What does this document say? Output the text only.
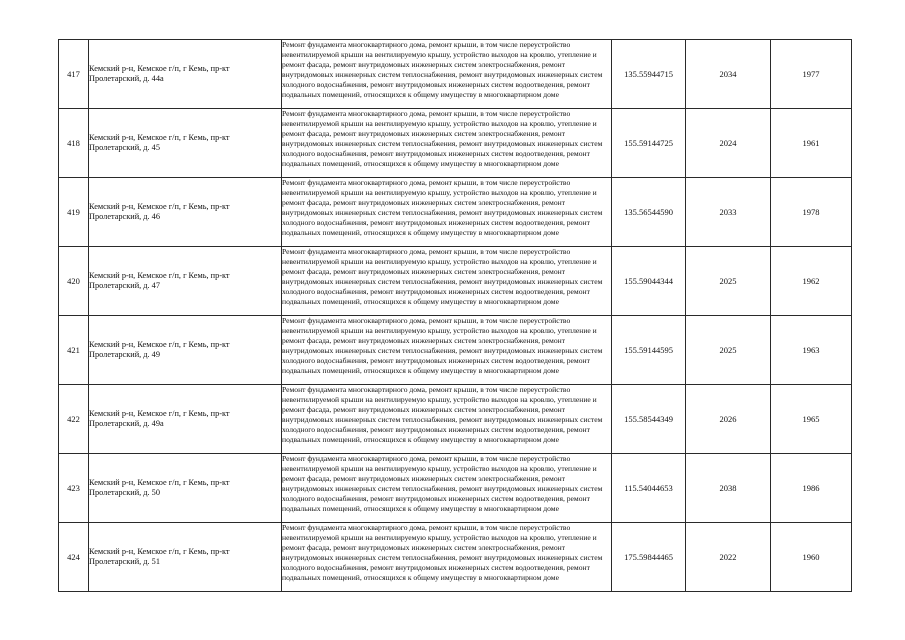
417	Кемский р-н, Кемское г/п, г Кемь, пр-кт Пролетарский, д. 44а	Ремонт фундамента многоквартирного дома, ремонт крыши, в том числе переустройство невентилируемой крыши на вентилируемую крышу, устройство выходов на кровлю, утепление и ремонт фасада, ремонт внутридомовых инженерных систем электроснабжения, ремонт внутридомовых инженерных систем теплоснабжения, ремонт внутридомовых инженерных систем холодного водоснабжения, ремонт внутридомовых инженерных систем водоотведения, ремонт подвальных помещений, относящихся к общему имуществу в многоквартирном доме	135.55944715	2034	1977
418	Кемский р-н, Кемское г/п, г Кемь, пр-кт Пролетарский, д. 45	Ремонт фундамента многоквартирного дома, ремонт крыши, в том числе переустройство невентилируемой крыши на вентилируемую крышу, устройство выходов на кровлю, утепление и ремонт фасада, ремонт внутридомовых инженерных систем электроснабжения, ремонт внутридомовых инженерных систем теплоснабжения, ремонт внутридомовых инженерных систем холодного водоснабжения, ремонт внутридомовых инженерных систем водоотведения, ремонт подвальных помещений, относящихся к общему имуществу в многоквартирном доме	155.59144725	2024	1961
419	Кемский р-н, Кемское г/п, г Кемь, пр-кт Пролетарский, д. 46	Ремонт фундамента многоквартирного дома, ремонт крыши, в том числе переустройство невентилируемой крыши на вентилируемую крышу, устройство выходов на кровлю, утепление и ремонт фасада, ремонт внутридомовых инженерных систем электроснабжения, ремонт внутридомовых инженерных систем теплоснабжения, ремонт внутридомовых инженерных систем холодного водоснабжения, ремонт внутридомовых инженерных систем водоотведения, ремонт подвальных помещений, относящихся к общему имуществу в многоквартирном доме	135.56544590	2033	1978
420	Кемский р-н, Кемское г/п, г Кемь, пр-кт Пролетарский, д. 47	Ремонт фундамента многоквартирного дома, ремонт крыши, в том числе переустройство невентилируемой крыши на вентилируемую крышу, устройство выходов на кровлю, утепление и ремонт фасада, ремонт внутридомовых инженерных систем электроснабжения, ремонт внутридомовых инженерных систем теплоснабжения, ремонт внутридомовых инженерных систем холодного водоснабжения, ремонт внутридомовых инженерных систем водоотведения, ремонт подвальных помещений, относящихся к общему имуществу в многоквартирном доме	155.59044344	2025	1962
421	Кемский р-н, Кемское г/п, г Кемь, пр-кт Пролетарский, д. 49	Ремонт фундамента многоквартирного дома, ремонт крыши, в том числе переустройство невентилируемой крыши на вентилируемую крышу, устройство выходов на кровлю, утепление и ремонт фасада, ремонт внутридомовых инженерных систем электроснабжения, ремонт внутридомовых инженерных систем теплоснабжения, ремонт внутридомовых инженерных систем холодного водоснабжения, ремонт внутридомовых инженерных систем водоотведения, ремонт подвальных помещений, относящихся к общему имуществу в многоквартирном доме	155.59144595	2025	1963
422	Кемский р-н, Кемское г/п, г Кемь, пр-кт Пролетарский, д. 49а	Ремонт фундамента многоквартирного дома, ремонт крыши, в том числе переустройство невентилируемой крыши на вентилируемую крышу, устройство выходов на кровлю, утепление и ремонт фасада, ремонт внутридомовых инженерных систем электроснабжения, ремонт внутридомовых инженерных систем теплоснабжения, ремонт внутридомовых инженерных систем холодного водоснабжения, ремонт внутридомовых инженерных систем водоотведения, ремонт подвальных помещений, относящихся к общему имуществу в многоквартирном доме	155.58544349	2026	1965
423	Кемский р-н, Кемское г/п, г Кемь, пр-кт Пролетарский, д. 50	Ремонт фундамента многоквартирного дома, ремонт крыши, в том числе переустройство невентилируемой крыши на вентилируемую крышу, устройство выходов на кровлю, утепление и ремонт фасада, ремонт внутридомовых инженерных систем электроснабжения, ремонт внутридомовых инженерных систем теплоснабжения, ремонт внутридомовых инженерных систем холодного водоснабжения, ремонт внутридомовых инженерных систем водоотведения, ремонт подвальных помещений, относящихся к общему имуществу в многоквартирном доме	115.54044653	2038	1986
424	Кемский р-н, Кемское г/п, г Кемь, пр-кт Пролетарский, д. 51	Ремонт фундамента многоквартирного дома, ремонт крыши, в том числе переустройство невентилируемой крыши на вентилируемую крышу, устройство выходов на кровлю, утепление и ремонт фасада, ремонт внутридомовых инженерных систем электроснабжения, ремонт внутридомовых инженерных систем теплоснабжения, ремонт внутридомовых инженерных систем холодного водоснабжения, ремонт внутридомовых инженерных систем водоотведения, ремонт подвальных помещений, относящихся к общему имуществу в многоквартирном доме	175.59844465	2022	1960
